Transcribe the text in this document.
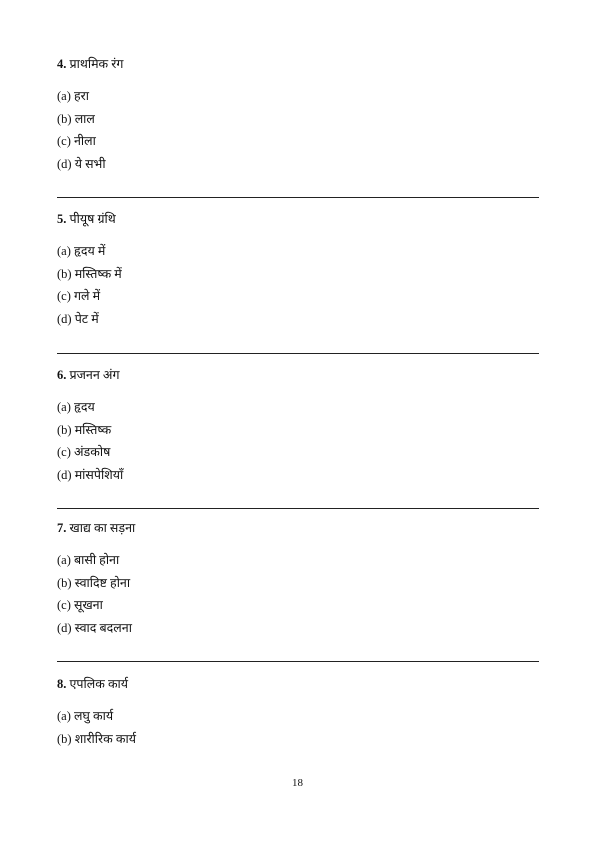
4. प्राथमिक रंग
(a) हरा
(b) लाल
(c) नीला
(d) ये सभी
5. पीयूष ग्रंथि
(a) हृदय में
(b) मस्तिष्क में
(c) गले में
(d) पेट में
6. प्रजनन अंग
(a) हृदय
(b) मस्तिष्क
(c) अंडकोष
(d) मांसपेशियाँ
7. खाद्य का सड़ना
(a) बासी होना
(b) स्वादिष्ट होना
(c) सूखना
(d) स्वाद बदलना
8. एपलिक कार्य
(a) लघु कार्य
(b) शारीरिक कार्य
18
